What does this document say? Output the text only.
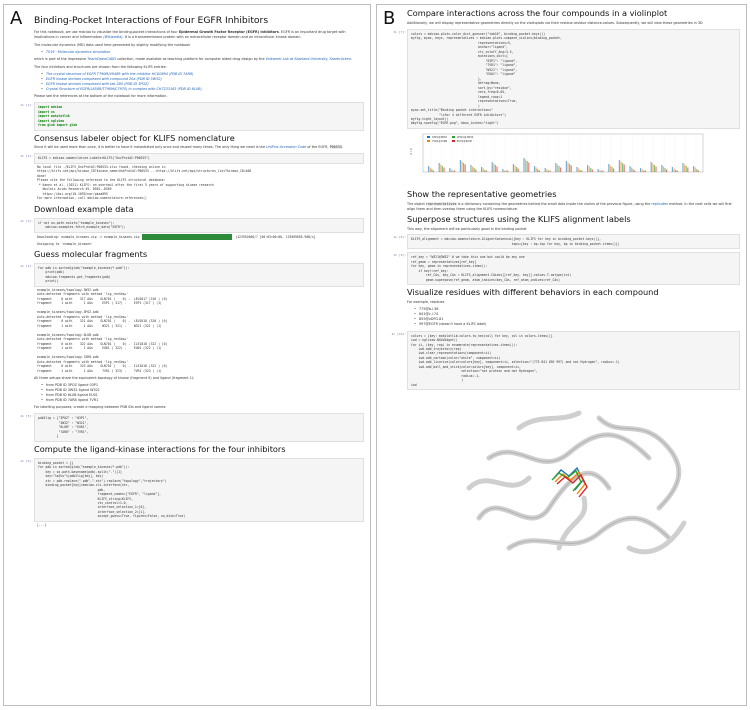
A Binding-Pocket Interactions of Four EGFR Inhibitors

For this notebook, we use mdciao to visualize the binding-pocket interactions of four Epidermal Growth Factor Receptor (EGFR) inhibitors. EGFR is an important drug target with implications in cancer and inflammation (Wikipedia). It is a transmembrane protein with an extracellular receptor domain and an intracellular kinase domain.

The molecular dynamics (MD) data used here generated by slightly modifying the notebook

• T019 · Molecular dynamics simulation

which is part of the impressive TeachOpenCADD collection, made available as teaching platform for computer aided drug design by the Volkamer Lab at Saarland University, Saarbrücken.

The four inhibitors and structures are chosen from the following KLIFS entries:

• The crystal structure of EGFR T790M/V948R with the inhibitor HCG0894 (PDB ID 7AR8)
• EGFR kinase domain complexed with compound 20a (PDB ID 3W32)
• EGFR kinase domain complexed with tak-285 (PDB ID 3POZ)
• Crystal Structure of EGFR(L858R/T790M/C797S) in complex with CH7233163 (PDB ID 6LUB)

Please see the references at the bottom of the notebook for more information.

In [1]:	import mdciao
import os
import matplotlib
import nglview
from glob import glob
Consensus labeler object for KLIFS nomenclature

Since it will be used more than once, it is better to have it instantiated only once and reused many times. The only thing we need is the UniProt Accession Code of the EGFR, P00533.

In [2]:	KLIFS = mdciao.nomenclature.LabelerKLIFS("UniProtAC:P00533")
No local file ./KLIFS_UniProtAC:P00533.xlsx found, checking online in
https://klifs.net/api/kinase_ID?kinase_name=UniProtAC:P00533 ...https://klifs.net/api/structures_list?kinase_ID=406
done!
Please cite the following reference to the KLIFS structural database:
* Kanev et al. (2021) KLIFS: an overhaul after the first 5 years of supporting kinase research
Nucleic Acids Research 49, D562--D569
https://doi.org/10.1093/nar/gkaa895
For more information, call mdciao.nomenclature.references()
Download example data
In [3]:	if not os.path.exists("example_kinases"):
mdciao.examples.fetch_example_data("EGFR");
Downloading: example_kinases.zip -> example_kinases.zip	|423952008/? [00:03<00:00, 125969656.90B/s]
Unzipping to 'example_kinases'
Guess molecular fragments
In [4]:	for pdb in sorted(glob("example_kinases/*.pdb")):
print(pdb)
mdciao.fragments.get_fragments(pdb)
print()
example_kinases/topology.3W32.pdb
Auto-detected fragments with method 'lig_resSeq+'
fragment     0 with    317 AAs    GLN701 (    0) -  LEU1017 (316 ) (0)
fragment     1 with      1 AAs     E5P1 ( 317) -    E5P1 (317 ) (1)

example_kinases/topology.3POZ.pdb
Auto-detected fragments with method 'lig_resSeq+'
fragment     0 with    321 AAs    GLN701 (    0) -  LEU1018 (320 ) (0)
fragment     1 with      1 AAs     W321 ( 321) -    W321 (321 ) (1)

example_kinases/topology.6LUB.pdb
Auto-detected fragments with method 'lig_resSeq+'
fragment     0 with    322 AAs    GLN701 (    0) -  ILE1018 (322 ) (0)
fragment     1 with      1 AAs     EU01 ( 322) -    EU01 (322 ) (1)

example_kinases/topology.7AR8.pdb
Auto-detected fragments with method 'lig_resSeq+'
fragment     0 with    323 AAs    GLN701 (    0) -  ILE1018 (322 ) (0)
fragment     1 with      1 AAs     7VR1 ( 323) -    7VR1 (323 ) (1)

All three setups share the equivalent topology of kinase (fragment 0) and ligand (fragment 1):

• from PDB ID 3POZ ligand 03P1
• from PDB ID 3W32 ligand W321
• from PDB ID 6LUB ligand EU01
• from PDB ID 7AR8 ligand 7VR1

For labelling purposes, create a mapping between PDB IDs and ligand names:

In [5]:	pdb2lig = {"3POZ" : "03P1",
"3W32" : "W321",
"6LUB" : "EU01",
"7AR8" : "7VR1",
}
Compute the ligand-kinase interactions for the four inhibitors
In [6]:	binding_pocket = {}
for pdb in sorted(glob("example_kinases/*.pdb")):
key = os.path.basename(pdb).split(".")[1]
key="%s@%s"%(pdb2lig[key], key)
xtc = pdb.replace(".pdb",".xtc").replace("topology","trajectory")
binding_pocket[key]=mdciao.cli.interface(xtc,
pdb,
fragment_names=["EGFR", "ligand"],
KLIFS_string=KLIFS,
ctc_control=1.0,
interface_selection_1=[0],
interface_selection_2=[1],
accept_guess=True, figures=False, no_disk=True)
[...]
B Compare interactions across the four compounds in a violinplot

Additionally, we will display representative geometries directly on the violinplots via their residue-residue distance-values. Subsequently, we will view these geometries in 3D

In [7]:	colors = mdciao.plots.color_dict_guesser("tab10", binding_pocket.keys())
myfig, myax, keys, representatives = mdciao.plots.compare_violins(binding_pocket,
representatives=5,
anchor="ligand",
ctc_cutoff_Ang=3.5,
mutations_dict={
"03P1": "ligand",
"7VR1": "ligand",
"W321": "ligand",
"EU01": "ligand"
},
defrag=None,
sort_by="residue",
zero_freq=0.05,
legend_rows=1
representatives=True,
)
myax.set_title("Binding pocket interactions"
"\nfor 4 different EGFR inhibitors")
myfig.tight_layout()
#myfig.savefig("EGFR.png", bbox_inches="tight")
d / Å
03P1@3POZ
7VR1@7AR8
W321@3W32
EU01@6LUB
Show the representative geometries

The object representatives is a dictionary containing the geometries behind the small dots inside the violins of the previous figure, using the replicates method. In the next cells we will first align them and then overlap them using the KLIFS nomenclature.

Superpose structures using the KLIFS alignment labels

This way, the alignment will be particularly good in the binding pocket

In [8]:	KLIFS_alignment = mdciao.nomenclature.AlignerConsensus({key : KLIFS for key in binding_pocket.keys()},
tops={key : bp.top for key, bp in binding_pocket.items()})
In [9]:	ref_key = "W321@3W32" # we take this one but could be any one
ref_geom = representatives[ref_key]
for key, geom in representatives.items():
if key!=ref_key:
ref_CAs, key_CAs = KLIFS_alignment.CAidxs[[ref_key, key]].values.T.astype(int)
geom.superpose(ref_geom, atom_indices=key_CAs, ref_atom_indices=ref_CAs)
Visualize residues with different behaviors in each compound

For example, residues

• 775@b.l.36
• 841@c.l.74
• 855@xDFG.81
• 997@EGFR (doesn't have a KLIFS label)
In [10]:	colors = {key: matplotlib.colors.to_hex(col) for key, col in colors.items()}
iwd = nglview.NGLWidget()
for ii, (key, rep) in enumerate(representatives.items()):
iwd.add_trajectory(rep)
iwd.clear_representations(component=ii)
iwd.add_cartoon(color="white", component=ii)
iwd.add_licorice(color=colors[key], component=ii, selection="(775 841 855 997) and not Hydrogen", radius=.1)
iwd.add_ball_and_stick(color=colors[key], component=ii,
selection="not protein and not Hydrogen",
radius=.1,
)
iwd
